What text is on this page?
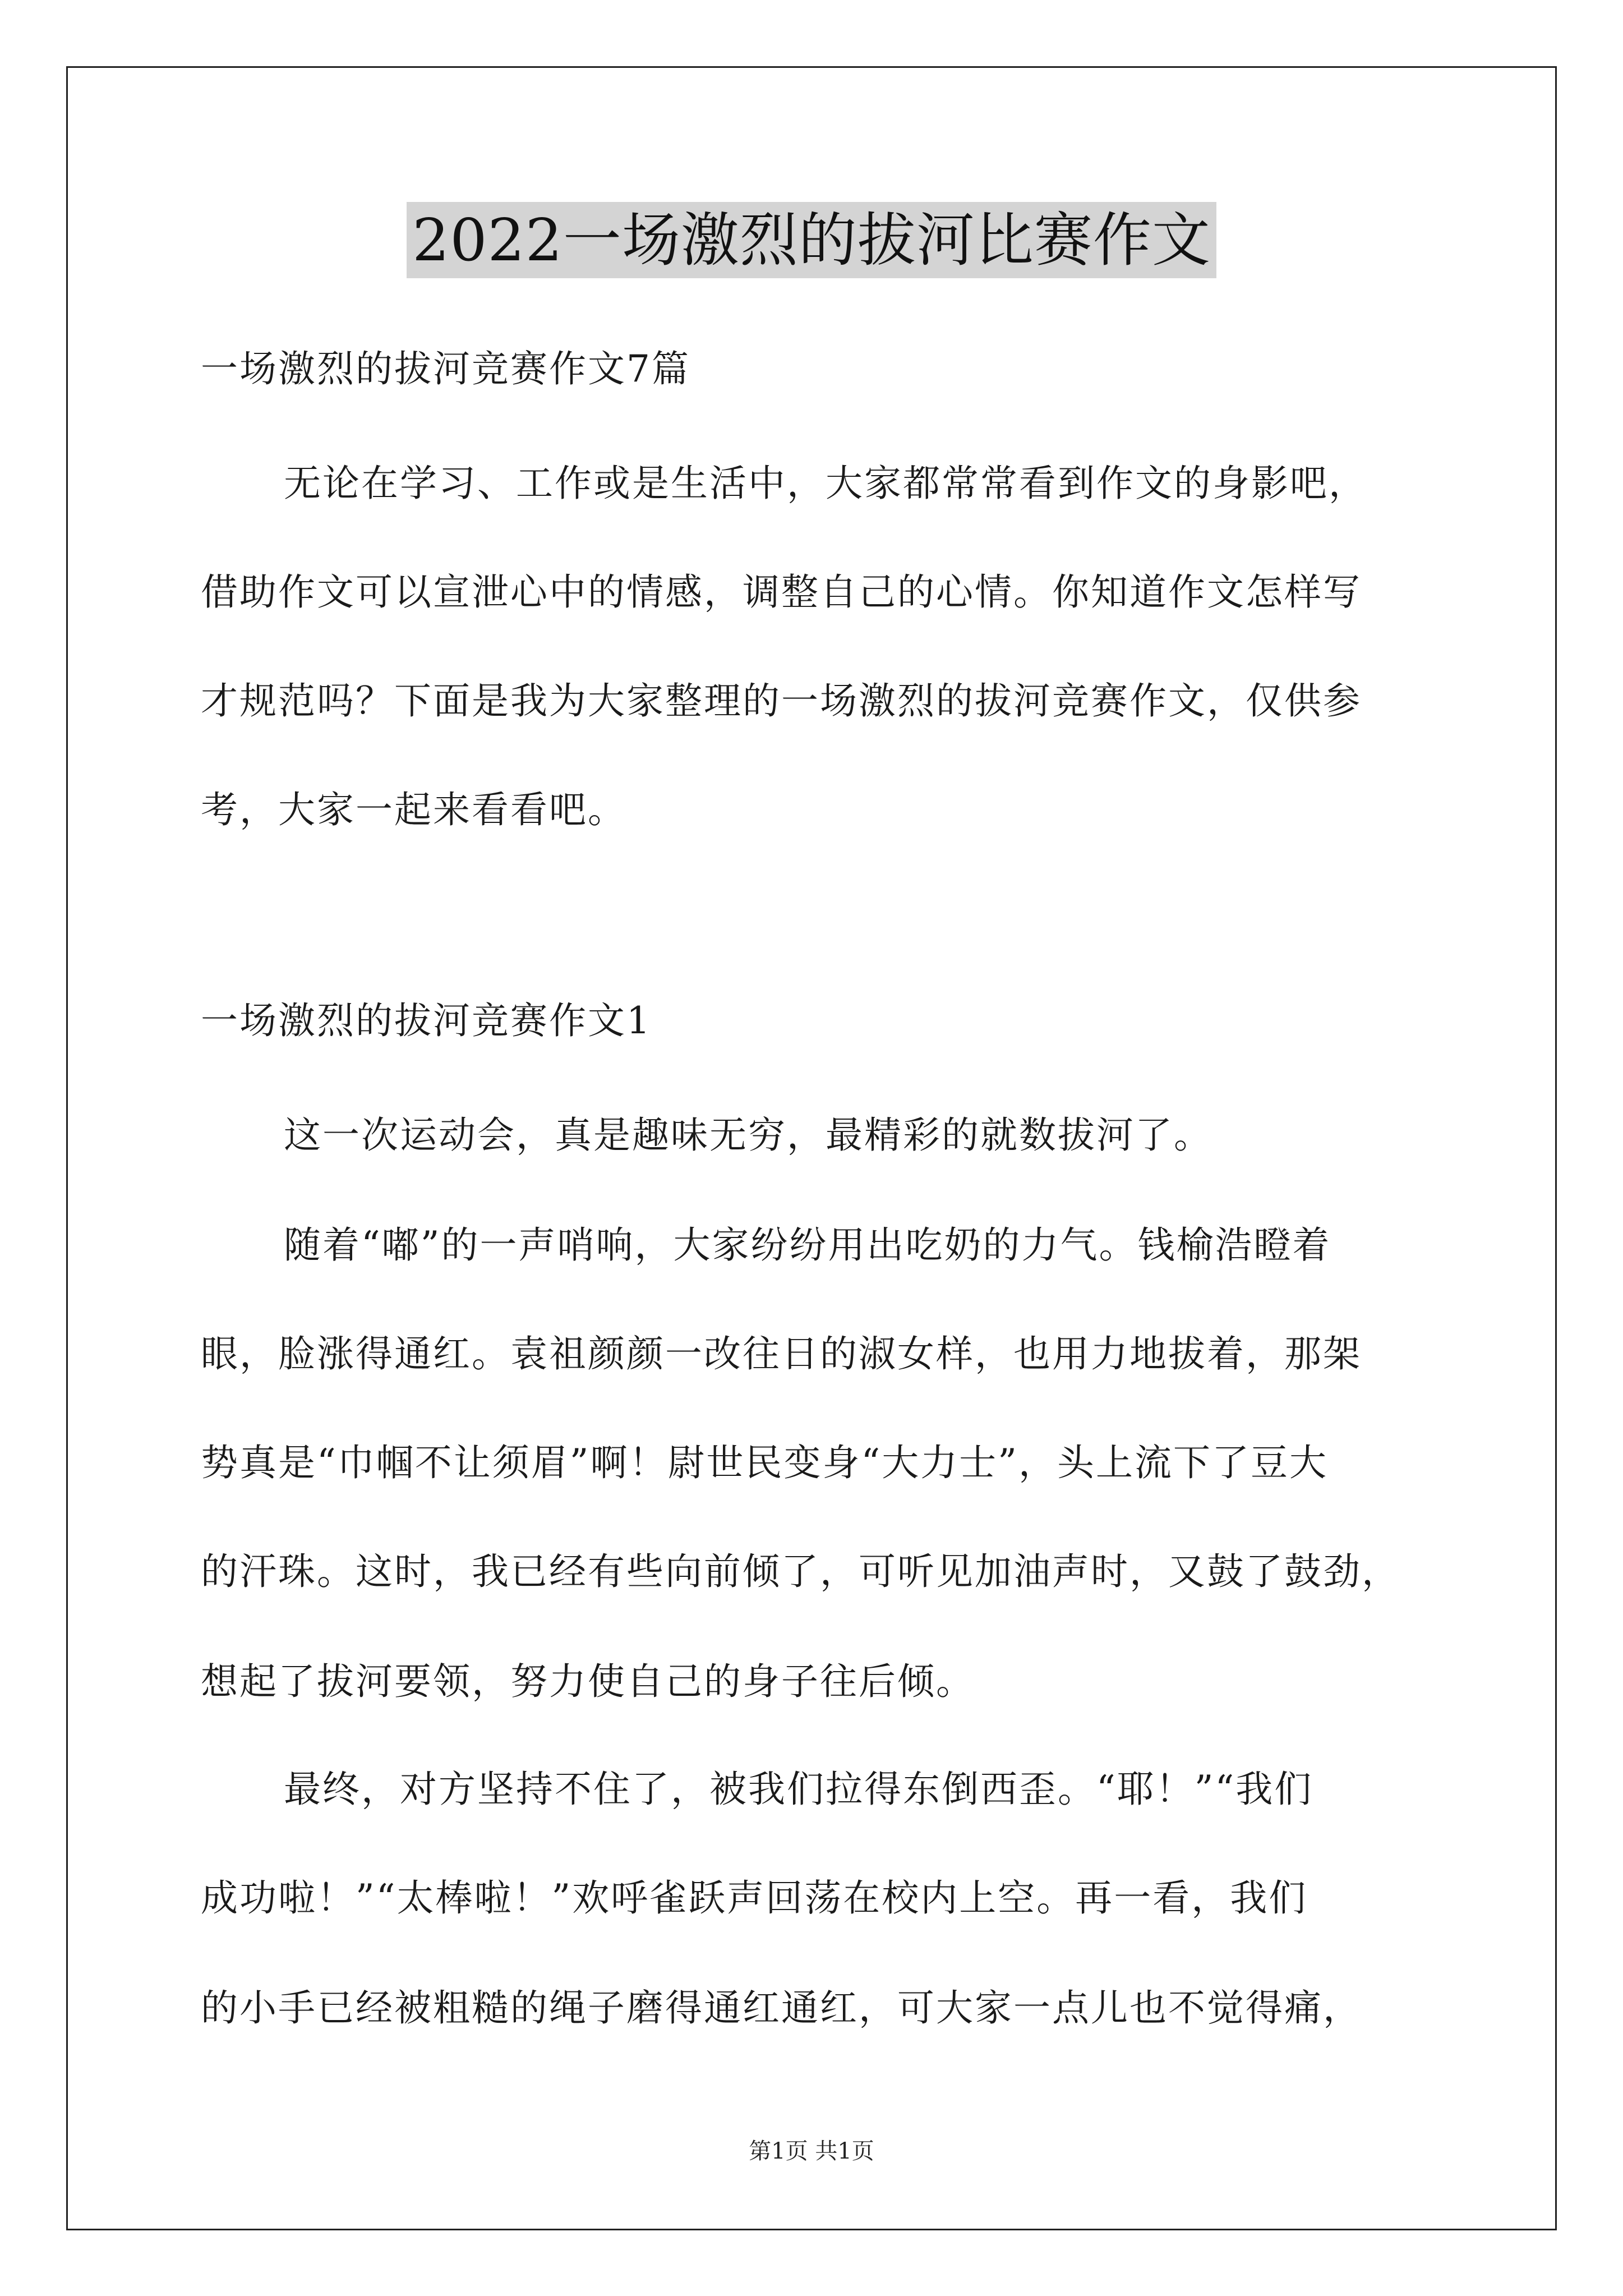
2022一场激烈的拔河比赛作文
一场激烈的拔河竞赛作文7篇
无论在学习、工作或是生活中，大家都常常看到作文的身影吧，
借助作文可以宣泄心中的情感，调整自己的心情。你知道作文怎样写
才规范吗？下面是我为大家整理的一场激烈的拔河竞赛作文，仅供参
考，大家一起来看看吧。
一场激烈的拔河竞赛作文1
这一次运动会，真是趣味无穷，最精彩的就数拔河了。
随着“嘟”的一声哨响，大家纷纷用出吃奶的力气。钱榆浩瞪着
眼，脸涨得通红。袁祖颜颜一改往日的淑女样，也用力地拔着，那架
势真是“巾帼不让须眉”啊！尉世民变身“大力士”，头上流下了豆大
的汗珠。这时，我已经有些向前倾了，可听见加油声时，又鼓了鼓劲，
想起了拔河要领，努力使自己的身子往后倾。
最终，对方坚持不住了，被我们拉得东倒西歪。“耶！”“我们
成功啦！”“太棒啦！”欢呼雀跃声回荡在校内上空。再一看，我们
的小手已经被粗糙的绳子磨得通红通红，可大家一点儿也不觉得痛，
第1页 共1页
